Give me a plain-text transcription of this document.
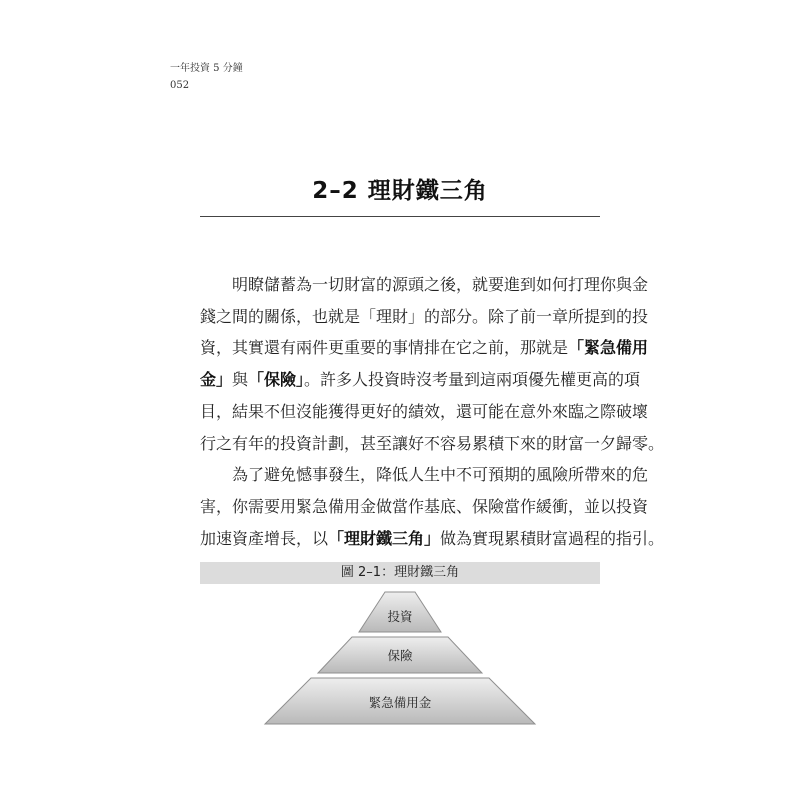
一年投資 5 分鐘
052
2–2 理財鐵三角
明瞭儲蓄為一切財富的源頭之後，就要進到如何打理你與金
錢之間的關係，也就是「理財」的部分。除了前一章所提到的投
資，其實還有兩件更重要的事情排在它之前，那就是「緊急備用
金」與「保險」。許多人投資時沒考量到這兩項優先權更高的項
目，結果不但沒能獲得更好的績效，還可能在意外來臨之際破壞
行之有年的投資計劃，甚至讓好不容易累積下來的財富一夕歸零。
為了避免憾事發生，降低人生中不可預期的風險所帶來的危
害，你需要用緊急備用金做當作基底、保險當作緩衝，並以投資
加速資產增長，以「理財鐵三角」做為實現累積財富過程的指引。
圖 2–1：理財鐵三角
投資
保險
緊急備用金
